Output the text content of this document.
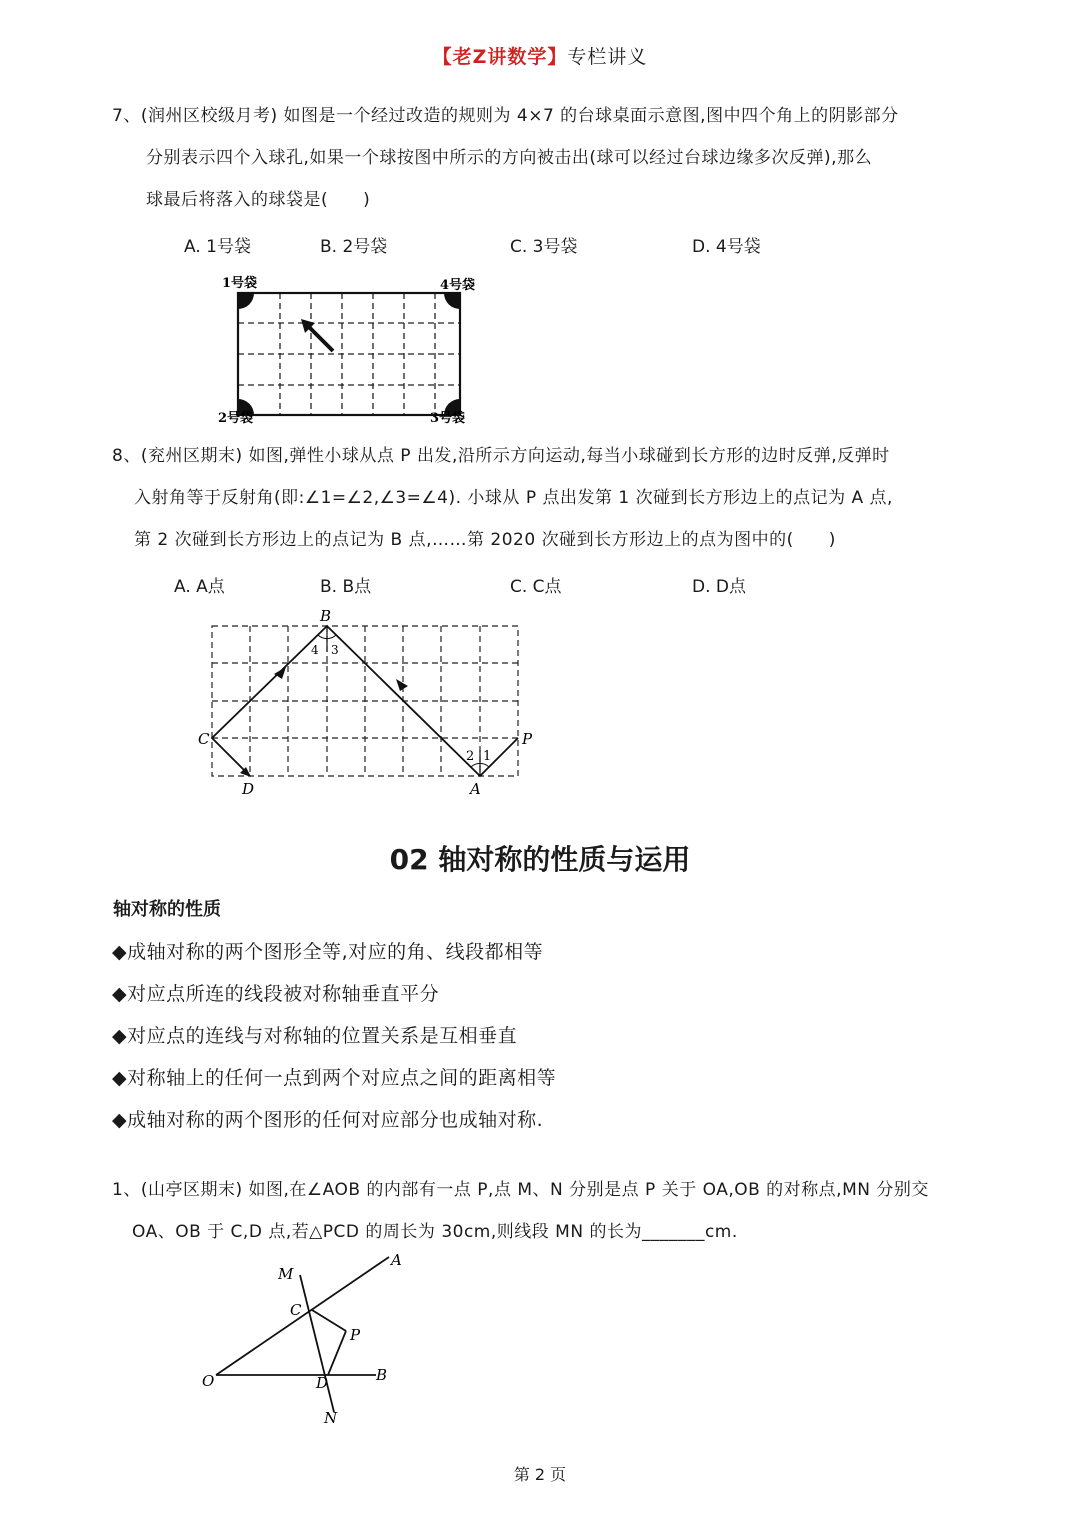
【老Z讲数学】专栏讲义
7、(润州区校级月考) 如图是一个经过改造的规则为 4×7 的台球桌面示意图,图中四个角上的阴影部分
分别表示四个入球孔,如果一个球按图中所示的方向被击出(球可以经过台球边缘多次反弹),那么
球最后将落入的球袋是(　　)
A. 1号袋	B. 2号袋	C. 3号袋	D. 4号袋
1号袋	4号袋
2号袋	3号袋
8、(兖州区期末) 如图,弹性小球从点 P 出发,沿所示方向运动,每当小球碰到长方形的边时反弹,反弹时
入射角等于反射角(即:∠1=∠2,∠3=∠4). 小球从 P 点出发第 1 次碰到长方形边上的点记为 A 点,
第 2 次碰到长方形边上的点记为 B 点,……第 2020 次碰到长方形边上的点为图中的(　　)
A. A点	B. B点	C. C点	D. D点
B
C	P
D	A
4 3
2 1
02 轴对称的性质与运用
轴对称的性质
◆成轴对称的两个图形全等,对应的角、线段都相等
◆对应点所连的线段被对称轴垂直平分
◆对应点的连线与对称轴的位置关系是互相垂直
◆对称轴上的任何一点到两个对应点之间的距离相等
◆成轴对称的两个图形的任何对应部分也成轴对称.
1、(山亭区期末) 如图,在∠AOB 的内部有一点 P,点 M、N 分别是点 P 关于 OA,OB 的对称点,MN 分别交
OA、OB 于 C,D 点,若△PCD 的周长为 30cm,则线段 MN 的长为_______cm.
M
A
C
P
O	D	B
N
第 2 页
